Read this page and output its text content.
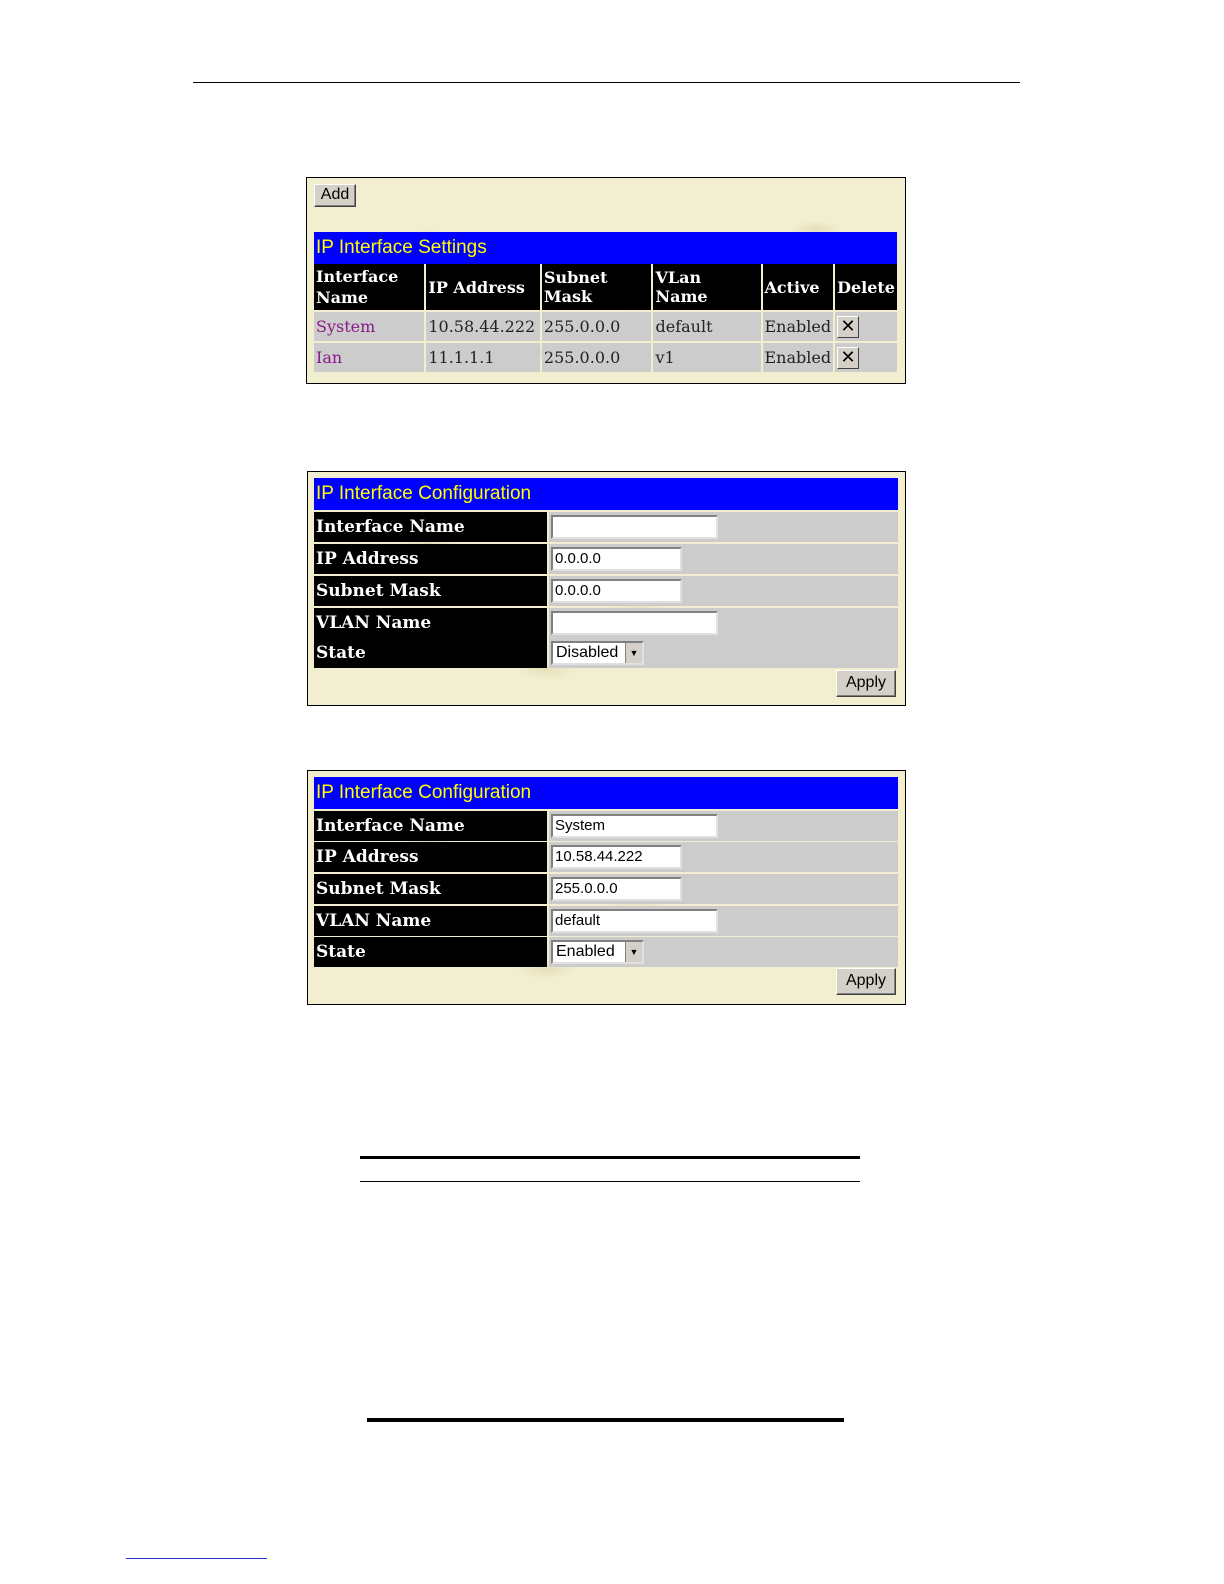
Add
IP Interface Settings
Interface Name	IP Address	Subnet Mask	VLan Name	Active	Delete
System	10.58.44.222	255.0.0.0	default	Enabled	✕
Ian	11.1.1.1	255.0.0.0	v1	Enabled	✕
IP Interface Configuration
Interface Name
IP Address	0.0.0.0
Subnet Mask	0.0.0.0
VLAN Name
State	Disabled	▼
Apply
IP Interface Configuration
Interface Name	System
IP Address	10.58.44.222
Subnet Mask	255.0.0.0
VLAN Name	default
State	Enabled	▼
Apply
